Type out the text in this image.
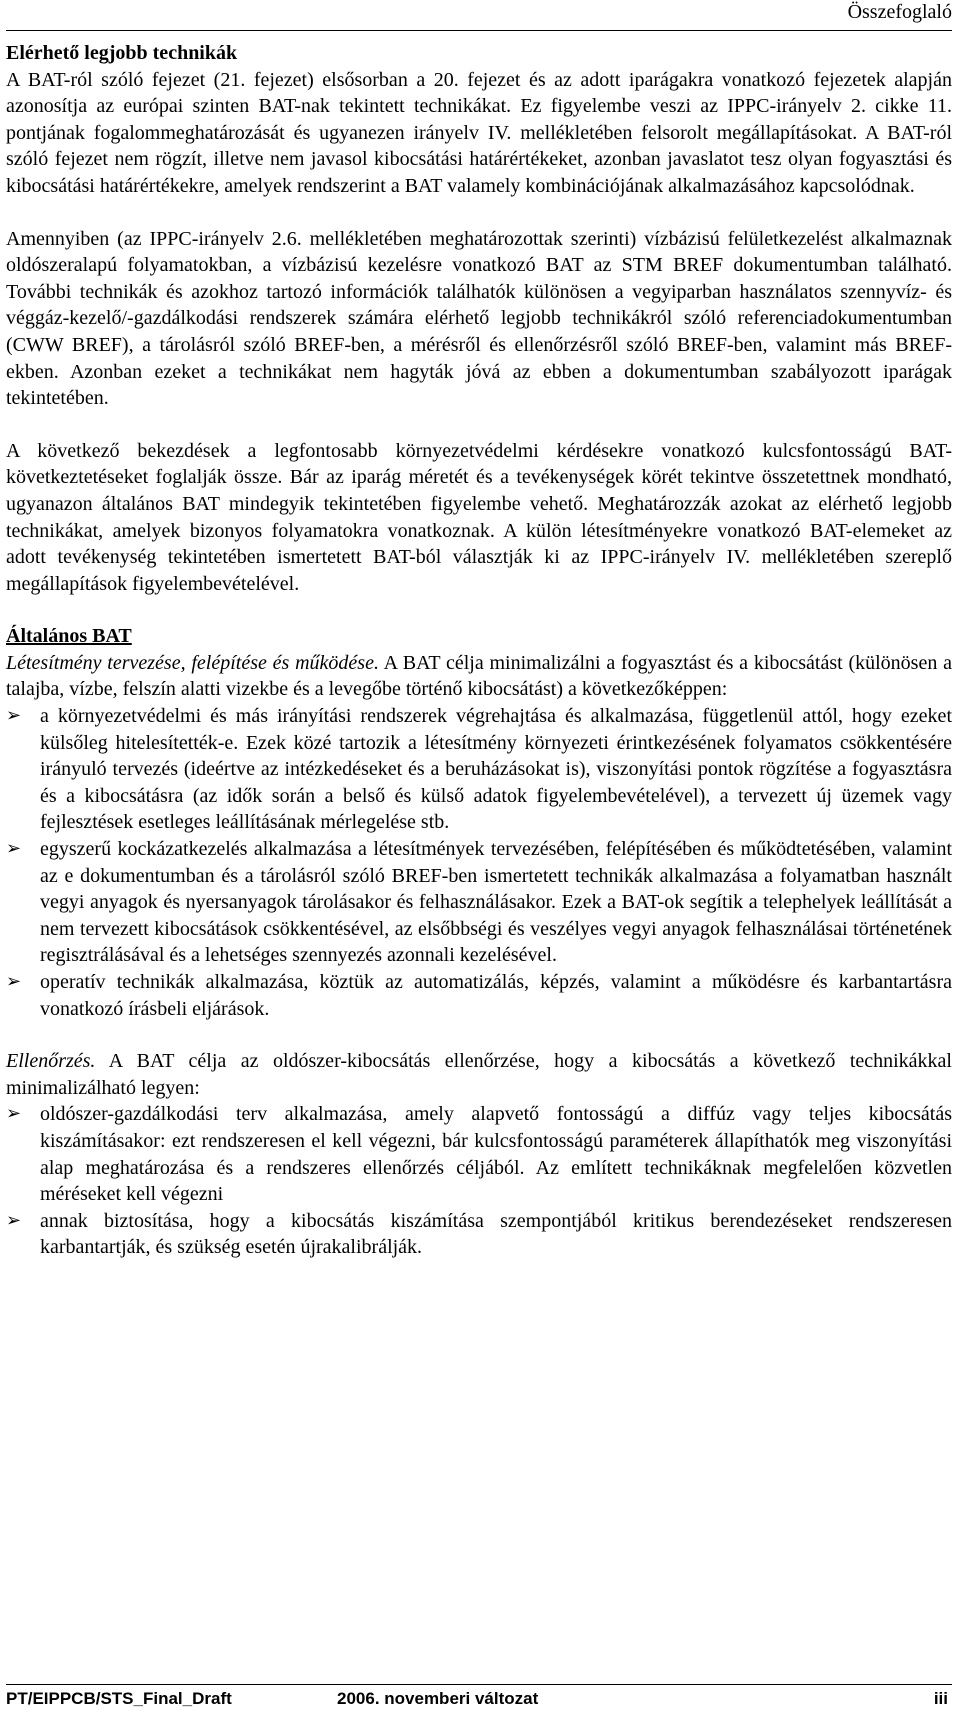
Összefoglaló

Elérhető legjobb technikák

A BAT-ról szóló fejezet (21. fejezet) elsősorban a 20. fejezet és az adott iparágakra vonatkozó fejezetek alapján azonosítja az európai szinten BAT-nak tekintett technikákat. Ez figyelembe veszi az IPPC-irányelv 2. cikke 11. pontjának fogalommeghatározását és ugyanezen irányelv IV. mellékletében felsorolt megállapításokat. A BAT-ról szóló fejezet nem rögzít, illetve nem javasol kibocsátási határértékeket, azonban javaslatot tesz olyan fogyasztási és kibocsátási határértékekre, amelyek rendszerint a BAT valamely kombinációjának alkalmazásához kapcsolódnak.

Amennyiben (az IPPC-irányelv 2.6. mellékletében meghatározottak szerinti) vízbázisú felületkezelést alkalmaznak oldószeralapú folyamatokban, a vízbázisú kezelésre vonatkozó BAT az STM BREF dokumentumban található. További technikák és azokhoz tartozó információk találhatók különösen a vegyiparban használatos szennyvíz- és véggáz-kezelő/-gazdálkodási rendszerek számára elérhető legjobb technikákról szóló referenciadokumentumban (CWW BREF), a tárolásról szóló BREF-ben, a mérésről és ellenőrzésről szóló BREF-ben, valamint más BREF-ekben. Azonban ezeket a technikákat nem hagyták jóvá az ebben a dokumentumban szabályozott iparágak tekintetében.

A következő bekezdések a legfontosabb környezetvédelmi kérdésekre vonatkozó kulcsfontosságú BAT-következtetéseket foglalják össze. Bár az iparág méretét és a tevékenységek körét tekintve összetettnek mondható, ugyanazon általános BAT mindegyik tekintetében figyelembe vehető. Meghatározzák azokat az elérhető legjobb technikákat, amelyek bizonyos folyamatokra vonatkoznak. A külön létesítményekre vonatkozó BAT-elemeket az adott tevékenység tekintetében ismertetett BAT-ból választják ki az IPPC-irányelv IV. mellékletében szereplő megállapítások figyelembevételével.

Általános BAT

Létesítmény tervezése, felépítése és működése. A BAT célja minimalizálni a fogyasztást és a kibocsátást (különösen a talajba, vízbe, felszín alatti vizekbe és a levegőbe történő kibocsátást) a következőképpen:

➢ a környezetvédelmi és más irányítási rendszerek végrehajtása és alkalmazása, függetlenül attól, hogy ezeket külsőleg hitelesítették-e. Ezek közé tartozik a létesítmény környezeti érintkezésének folyamatos csökkentésére irányuló tervezés (ideértve az intézkedéseket és a beruházásokat is), viszonyítási pontok rögzítése a fogyasztásra és a kibocsátásra (az idők során a belső és külső adatok figyelembevételével), a tervezett új üzemek vagy fejlesztések esetleges leállításának mérlegelése stb.
➢ egyszerű kockázatkezelés alkalmazása a létesítmények tervezésében, felépítésében és működtetésében, valamint az e dokumentumban és a tárolásról szóló BREF-ben ismertetett technikák alkalmazása a folyamatban használt vegyi anyagok és nyersanyagok tárolásakor és felhasználásakor. Ezek a BAT-ok segítik a telephelyek leállítását a nem tervezett kibocsátások csökkentésével, az elsőbbségi és veszélyes vegyi anyagok felhasználásai történetének regisztrálásával és a lehetséges szennyezés azonnali kezelésével.
➢ operatív technikák alkalmazása, köztük az automatizálás, képzés, valamint a működésre és karbantartásra vonatkozó írásbeli eljárások.

Ellenőrzés. A BAT célja az oldószer-kibocsátás ellenőrzése, hogy a kibocsátás a következő technikákkal minimalizálható legyen:

➢ oldószer-gazdálkodási terv alkalmazása, amely alapvető fontosságú a diffúz vagy teljes kibocsátás kiszámításakor: ezt rendszeresen el kell végezni, bár kulcsfontosságú paraméterek állapíthatók meg viszonyítási alap meghatározása és a rendszeres ellenőrzés céljából. Az említett technikáknak megfelelően közvetlen méréseket kell végezni
➢ annak biztosítása, hogy a kibocsátás kiszámítása szempontjából kritikus berendezéseket rendszeresen karbantartják, és szükség esetén újrakalibrálják.
PT/EIPPCB/STS_Final_Draft	2006. novemberi változat	iii
